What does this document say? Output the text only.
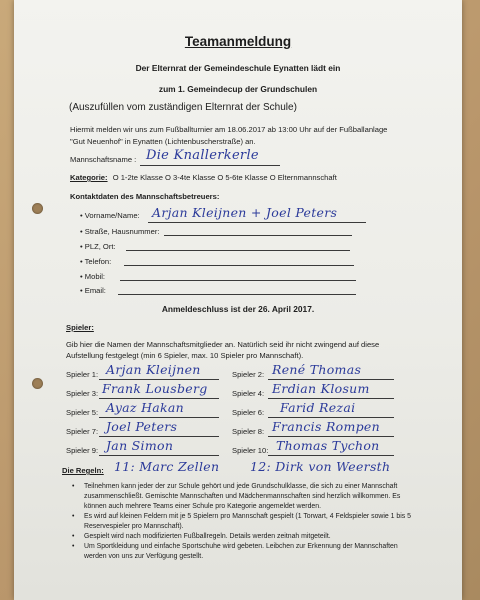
Teamanmeldung
Der Elternrat der Gemeindeschule Eynatten lädt ein
zum 1. Gemeindecup der Grundschulen
(Auszufüllen vom zuständigen Elternrat der Schule)
Hiermit melden wir uns zum Fußballturnier am 18.06.2017 ab 13:00 Uhr auf der Fußballanlage
"Gut Neuenhof" in Eynatten (Lichtenbuscherstraße) an.
Mannschaftsname : Die Knallerkerle
Kategorie: O 1-2te Klasse O 3-4te Klasse O 5-6te Klasse O Elternmannschaft
Kontaktdaten des Mannschaftsbetreuers:
• Vorname/Name: Arjan Kleijnen + Joel Peters
• Straße, Hausnummer:
• PLZ, Ort:
• Telefon:
• Mobil:
• Email:
Anmeldeschluss ist der 26. April 2017.
Spieler:
Gib hier die Namen der Mannschaftsmitglieder an. Natürlich seid ihr nicht zwingend auf diese
Aufstellung festgelegt (min 6 Spieler, max. 10 Spieler pro Mannschaft).
Spieler 1: Arjan Kleijnen
Spieler 3: Frank Lousberg
Spieler 5: Ayaz Hakan
Spieler 7: Joel Peters
Spieler 9: Jan Simon
Spieler 2: René Thomas
Spieler 4: Erdian Klosum
Spieler 6: Farid Rezai
Spieler 8: Francis Rompen
Spieler 10: Thomas Tychon
Die Regeln: 11: Marc Zellen 12: Dirk von Weersth
• Teilnehmen kann jeder der zur Schule gehört und jede Grundschulklasse, die sich zu einer Mannschaft zusammenschließt. Gemischte Mannschaften und Mädchenmannschaften sind herzlich willkommen. Es können auch mehrere Teams einer Schule pro Kategorie angemeldet werden.
• Es wird auf kleinen Feldern mit je 5 Spielern pro Mannschaft gespielt (1 Torwart, 4 Feldspieler sowie 1 bis 5 Reservespieler pro Mannschaft).
• Gespielt wird nach modifizierten Fußballregeln. Details werden zeitnah mitgeteilt.
• Um Sportkleidung und einfache Sportschuhe wird gebeten. Leibchen zur Erkennung der Mannschaften werden von uns zur Verfügung gestellt.
